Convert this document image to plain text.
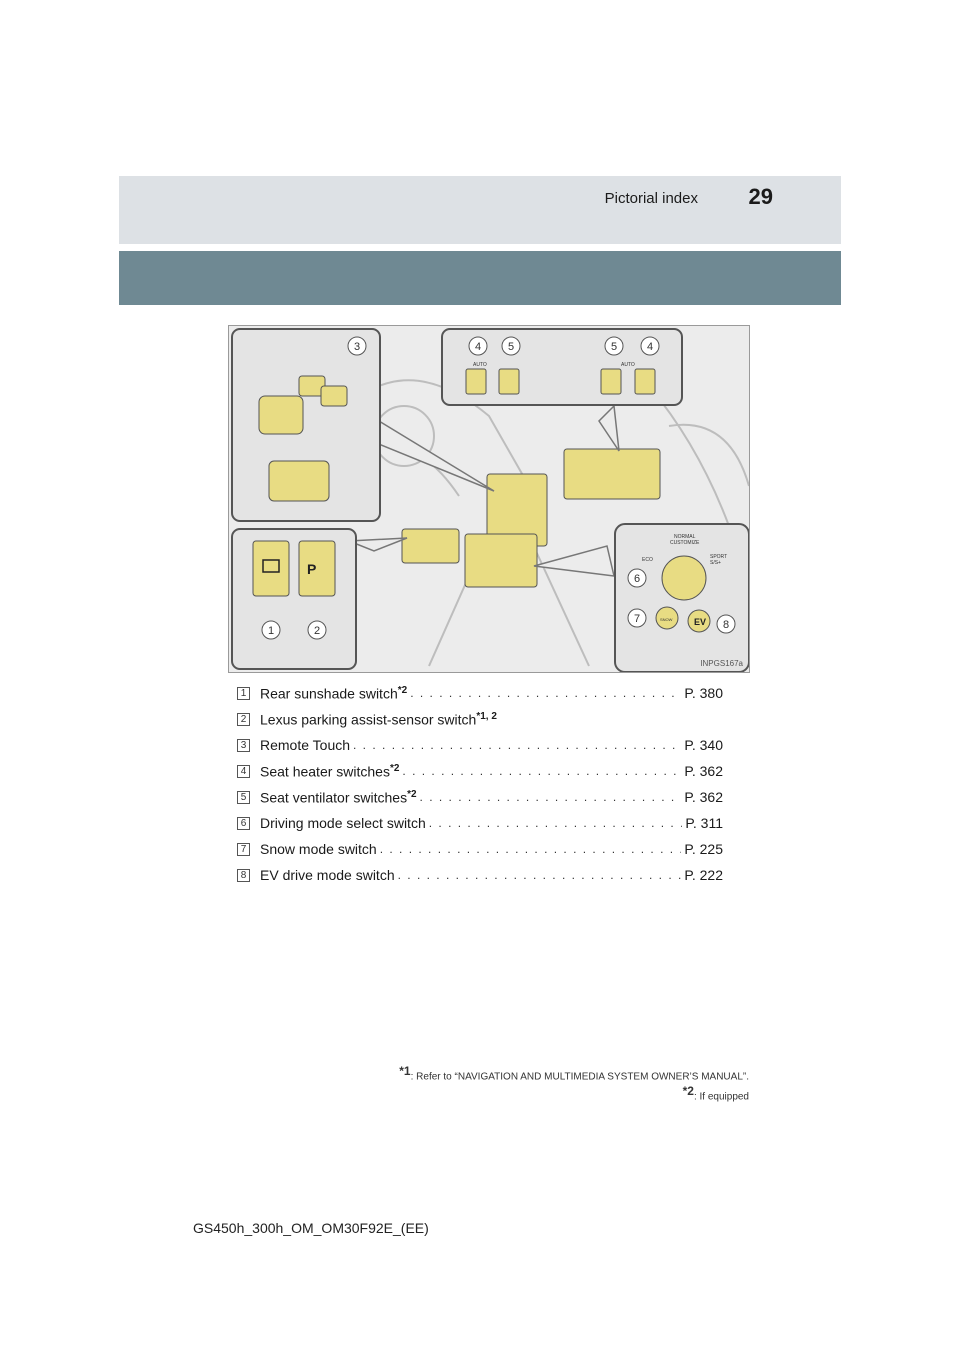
Pictorial index 29
AUTO	AUTO
P
NORMAL
CUSTOMIZE
ECO	SPORT
S/S+
SNOW EV
1	2
3	4 5	5	4
6
7	8
INPGS167a
1 Rear sunshade switch$^{*2}$ . . .	P. 380
2 Lexus parking assist-sensor switch$^{*1, 2}$
3 Remote Touch . . .	P. 340
4 Seat heater switches$^{*2}$ . . .	P. 362
5 Seat ventilator switches$^{*2}$ . . .	P. 362
6 Driving mode select switch . . .	P. 311
7 Snow mode switch . . .	P. 225
8 EV drive mode switch . . .	P. 222
$^{*1}$: Refer to “NAVIGATION AND MULTIMEDIA SYSTEM OWNER’S MANUAL”.
$^{*2}$: If equipped
GS450h_300h_OM_OM30F92E_(EE)
